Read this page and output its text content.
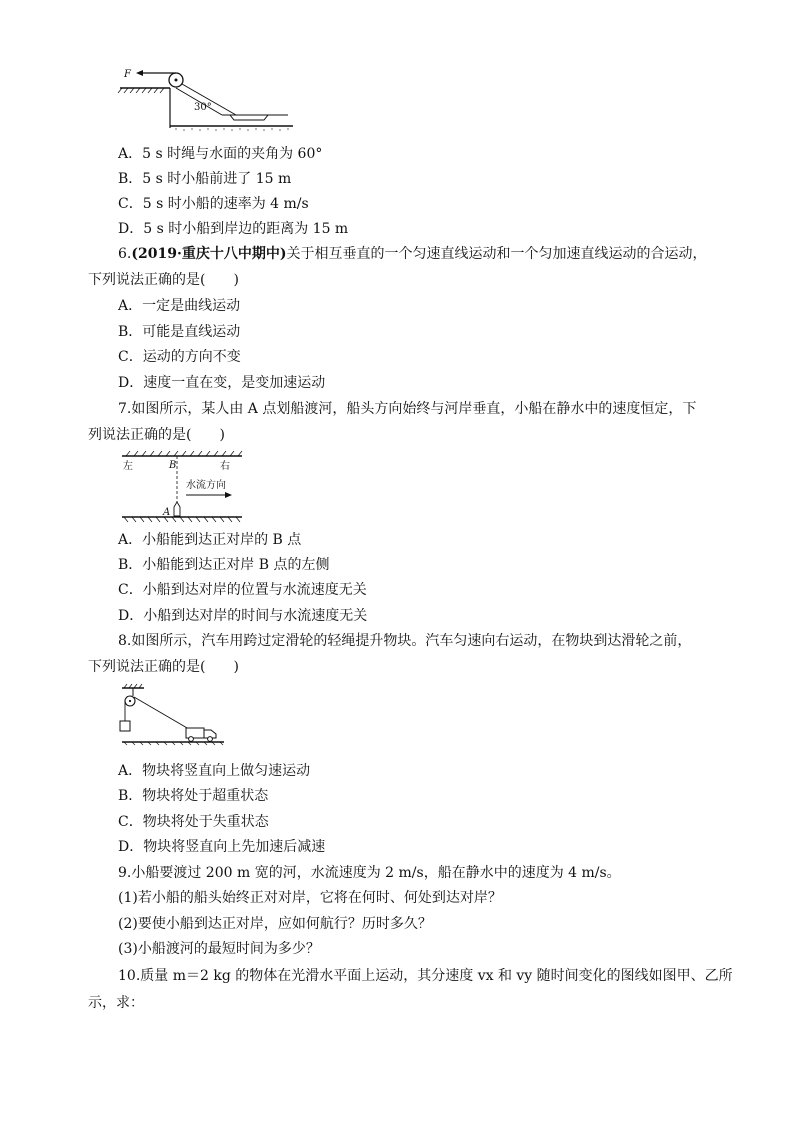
F
30°
A．5 s 时绳与水面的夹角为 60°
B．5 s 时小船前进了 15 m
C．5 s 时小船的速率为 4 m/s
D．5 s 时小船到岸边的距离为 15 m
6.(2019·重庆十八中期中)关于相互垂直的一个匀速直线运动和一个匀加速直线运动的合运动，
下列说法正确的是(　　)
A．一定是曲线运动
B．可能是直线运动
C．运动的方向不变
D．速度一直在变，是变加速运动
7.如图所示，某人由 A 点划船渡河，船头方向始终与河岸垂直，小船在静水中的速度恒定，下
列说法正确的是(　　)
左	B	右
水流方向
A
A．小船能到达正对岸的 B 点
B．小船能到达正对岸 B 点的左侧
C．小船到达对岸的位置与水流速度无关
D．小船到达对岸的时间与水流速度无关
8.如图所示，汽车用跨过定滑轮的轻绳提升物块。汽车匀速向右运动，在物块到达滑轮之前，
下列说法正确的是(　　)
A．物块将竖直向上做匀速运动
B．物块将处于超重状态
C．物块将处于失重状态
D．物块将竖直向上先加速后减速
9.小船要渡过 200 m 宽的河，水流速度为 2 m/s，船在静水中的速度为 4 m/s。
(1)若小船的船头始终正对对岸，它将在何时、何处到达对岸？
(2)要使小船到达正对岸，应如何航行？历时多久？
(3)小船渡河的最短时间为多少？
10.质量 m＝2 kg 的物体在光滑水平面上运动，其分速度 vx 和 vy 随时间变化的图线如图甲、乙所
示，求：
